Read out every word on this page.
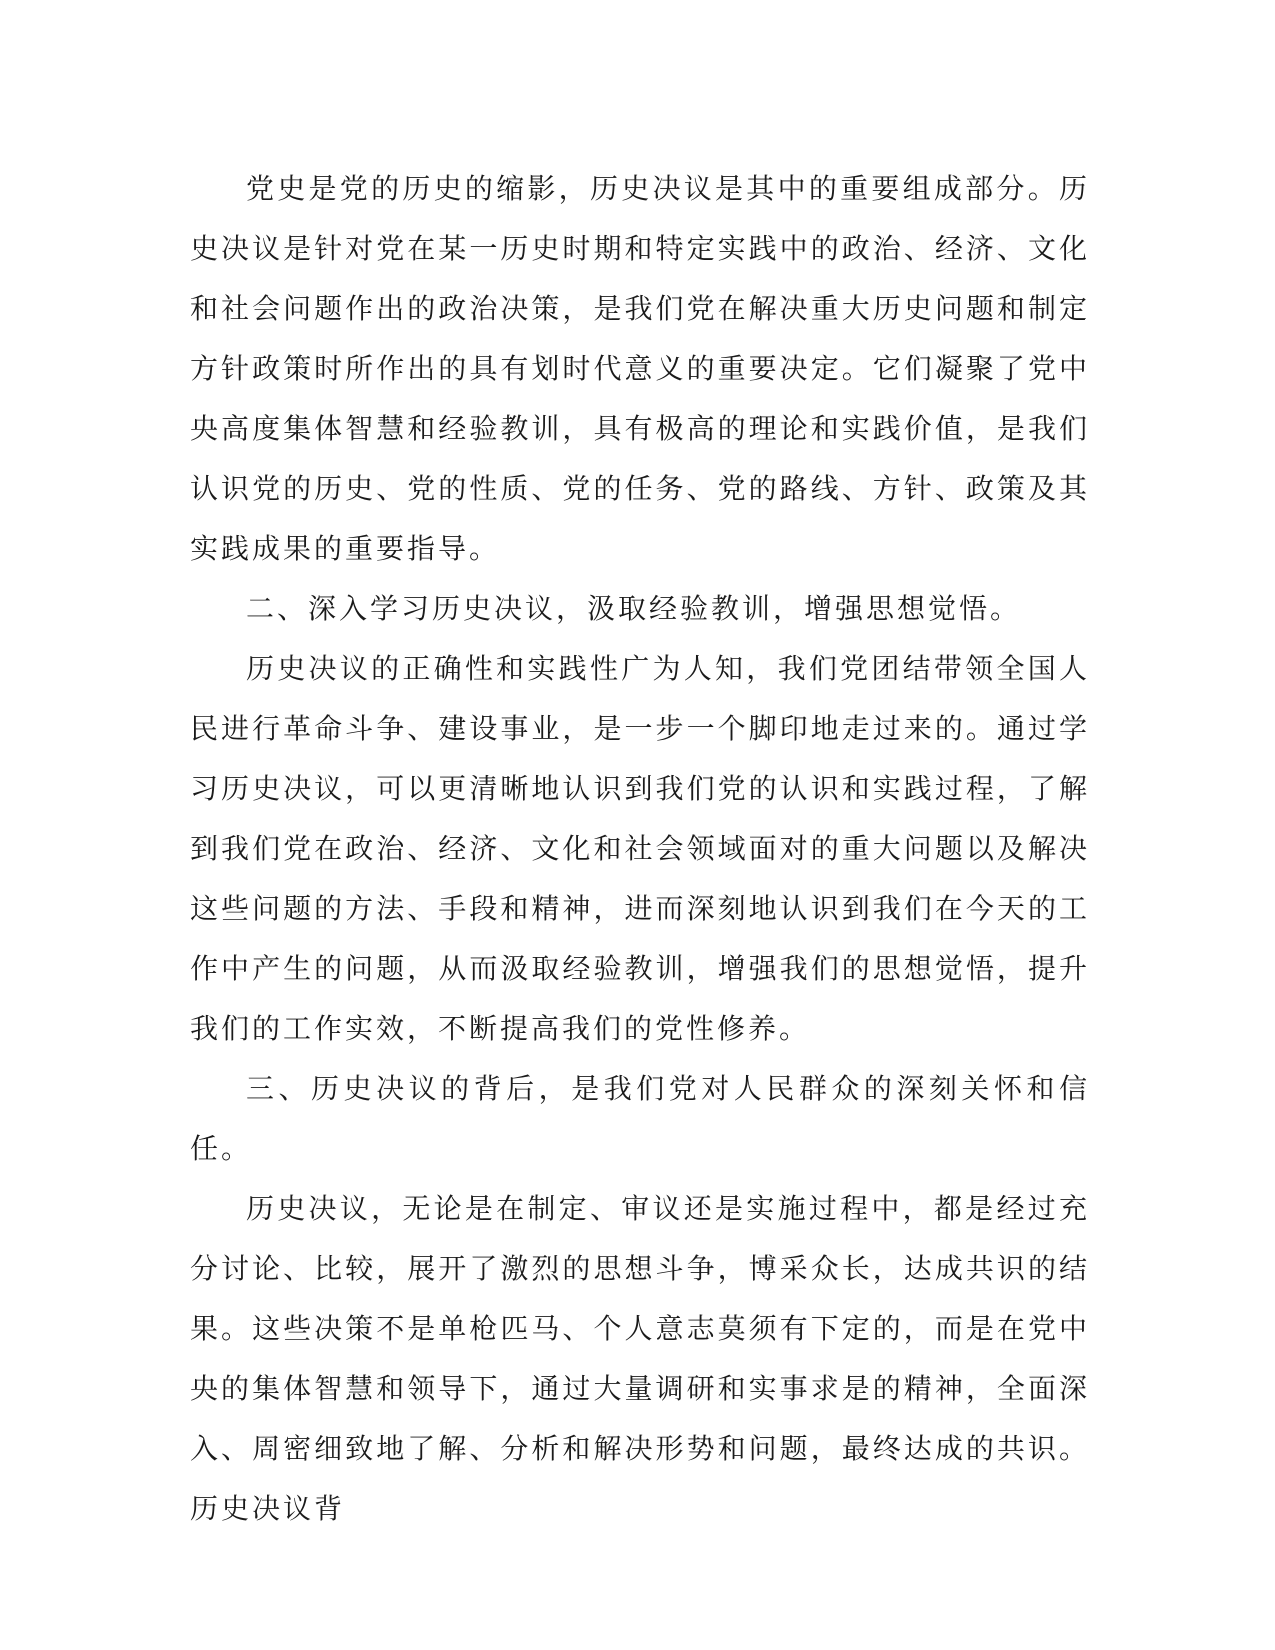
党史是党的历史的缩影，历史决议是其中的重要组成部分。历史决议是针对党在某一历史时期和特定实践中的政治、经济、文化和社会问题作出的政治决策，是我们党在解决重大历史问题和制定方针政策时所作出的具有划时代意义的重要决定。它们凝聚了党中央高度集体智慧和经验教训，具有极高的理论和实践价值，是我们认识党的历史、党的性质、党的任务、党的路线、方针、政策及其实践成果的重要指导。

二、深入学习历史决议，汲取经验教训，增强思想觉悟。

历史决议的正确性和实践性广为人知，我们党团结带领全国人民进行革命斗争、建设事业，是一步一个脚印地走过来的。通过学习历史决议，可以更清晰地认识到我们党的认识和实践过程，了解到我们党在政治、经济、文化和社会领域面对的重大问题以及解决这些问题的方法、手段和精神，进而深刻地认识到我们在今天的工作中产生的问题，从而汲取经验教训，增强我们的思想觉悟，提升我们的工作实效，不断提高我们的党性修养。

三、历史决议的背后，是我们党对人民群众的深刻关怀和信任。

历史决议，无论是在制定、审议还是实施过程中，都是经过充分讨论、比较，展开了激烈的思想斗争，博采众长，达成共识的结果。这些决策不是单枪匹马、个人意志莫须有下定的，而是在党中央的集体智慧和领导下，通过大量调研和实事求是的精神，全面深入、周密细致地了解、分析和解决形势和问题，最终达成的共识。历史决议背
